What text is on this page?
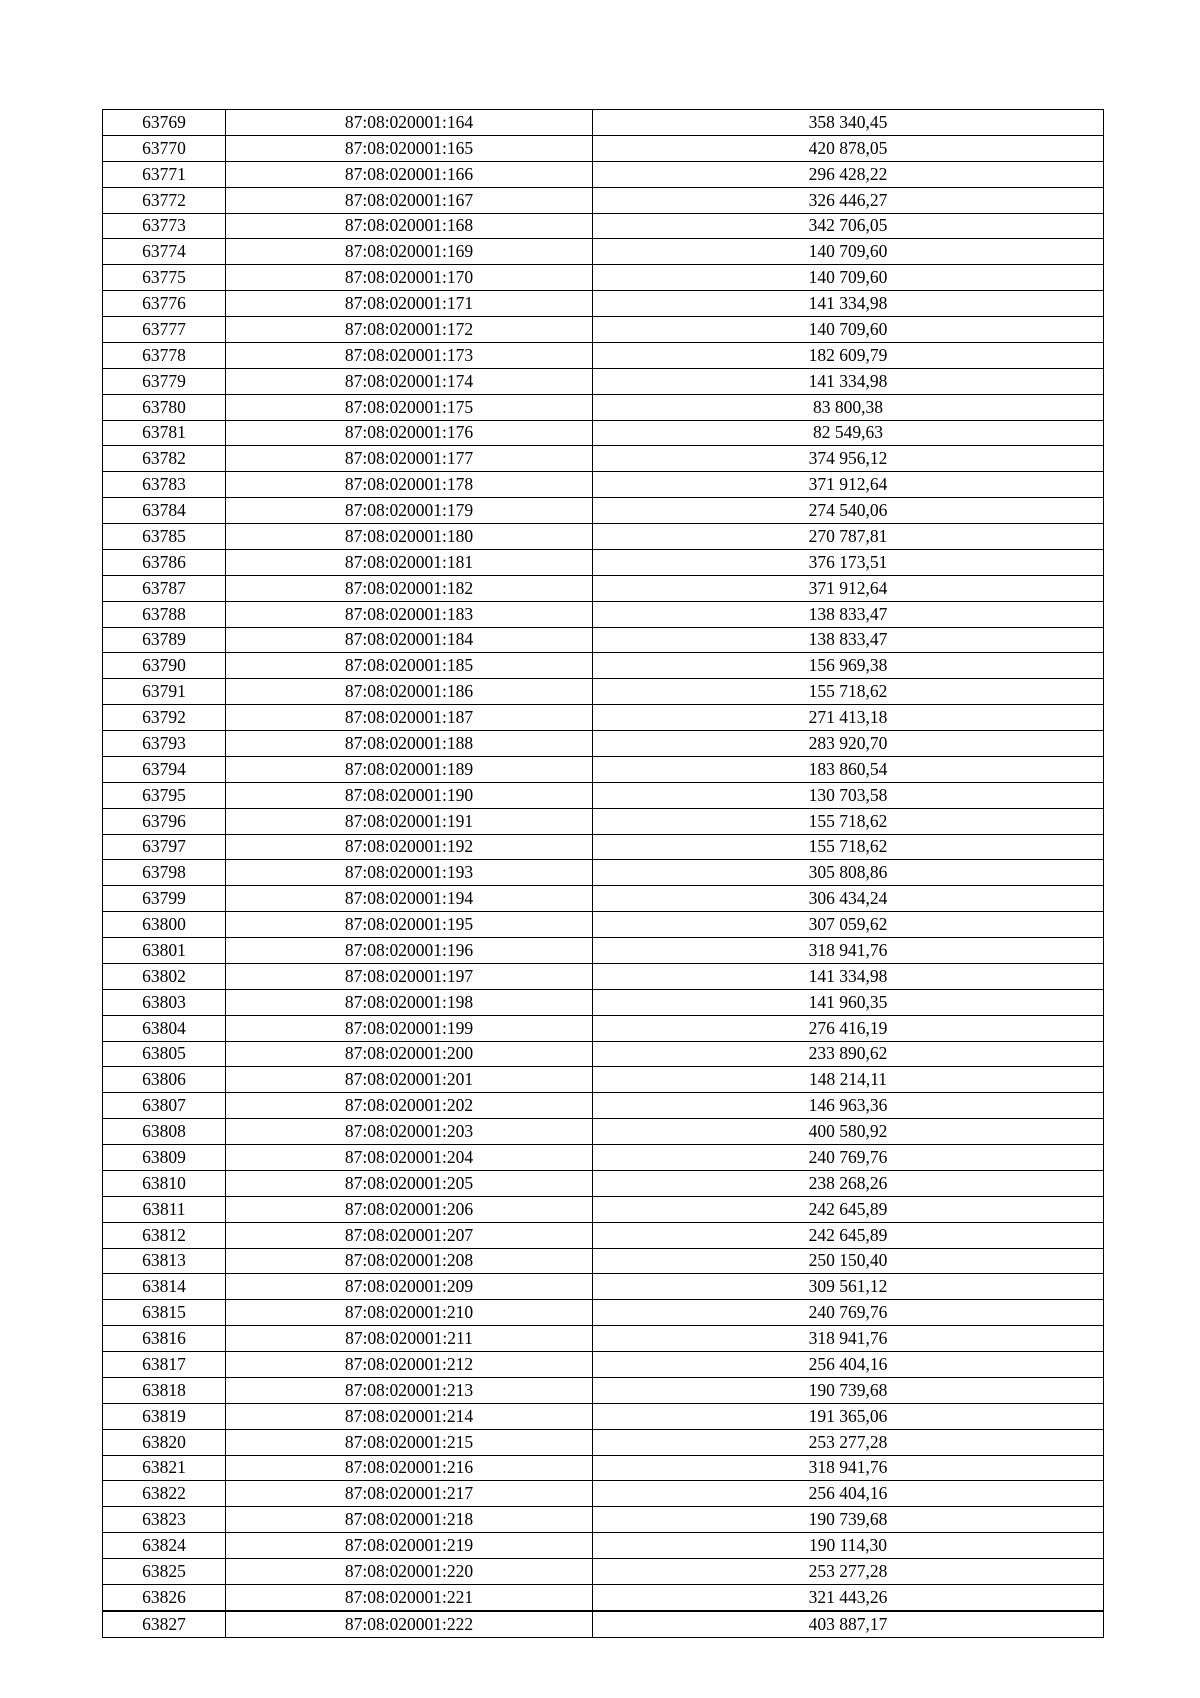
63769	87:08:020001:164	358 340,45
63770	87:08:020001:165	420 878,05
63771	87:08:020001:166	296 428,22
63772	87:08:020001:167	326 446,27
63773	87:08:020001:168	342 706,05
63774	87:08:020001:169	140 709,60
63775	87:08:020001:170	140 709,60
63776	87:08:020001:171	141 334,98
63777	87:08:020001:172	140 709,60
63778	87:08:020001:173	182 609,79
63779	87:08:020001:174	141 334,98
63780	87:08:020001:175	83 800,38
63781	87:08:020001:176	82 549,63
63782	87:08:020001:177	374 956,12
63783	87:08:020001:178	371 912,64
63784	87:08:020001:179	274 540,06
63785	87:08:020001:180	270 787,81
63786	87:08:020001:181	376 173,51
63787	87:08:020001:182	371 912,64
63788	87:08:020001:183	138 833,47
63789	87:08:020001:184	138 833,47
63790	87:08:020001:185	156 969,38
63791	87:08:020001:186	155 718,62
63792	87:08:020001:187	271 413,18
63793	87:08:020001:188	283 920,70
63794	87:08:020001:189	183 860,54
63795	87:08:020001:190	130 703,58
63796	87:08:020001:191	155 718,62
63797	87:08:020001:192	155 718,62
63798	87:08:020001:193	305 808,86
63799	87:08:020001:194	306 434,24
63800	87:08:020001:195	307 059,62
63801	87:08:020001:196	318 941,76
63802	87:08:020001:197	141 334,98
63803	87:08:020001:198	141 960,35
63804	87:08:020001:199	276 416,19
63805	87:08:020001:200	233 890,62
63806	87:08:020001:201	148 214,11
63807	87:08:020001:202	146 963,36
63808	87:08:020001:203	400 580,92
63809	87:08:020001:204	240 769,76
63810	87:08:020001:205	238 268,26
63811	87:08:020001:206	242 645,89
63812	87:08:020001:207	242 645,89
63813	87:08:020001:208	250 150,40
63814	87:08:020001:209	309 561,12
63815	87:08:020001:210	240 769,76
63816	87:08:020001:211	318 941,76
63817	87:08:020001:212	256 404,16
63818	87:08:020001:213	190 739,68
63819	87:08:020001:214	191 365,06
63820	87:08:020001:215	253 277,28
63821	87:08:020001:216	318 941,76
63822	87:08:020001:217	256 404,16
63823	87:08:020001:218	190 739,68
63824	87:08:020001:219	190 114,30
63825	87:08:020001:220	253 277,28
63826	87:08:020001:221	321 443,26
63827	87:08:020001:222	403 887,17
